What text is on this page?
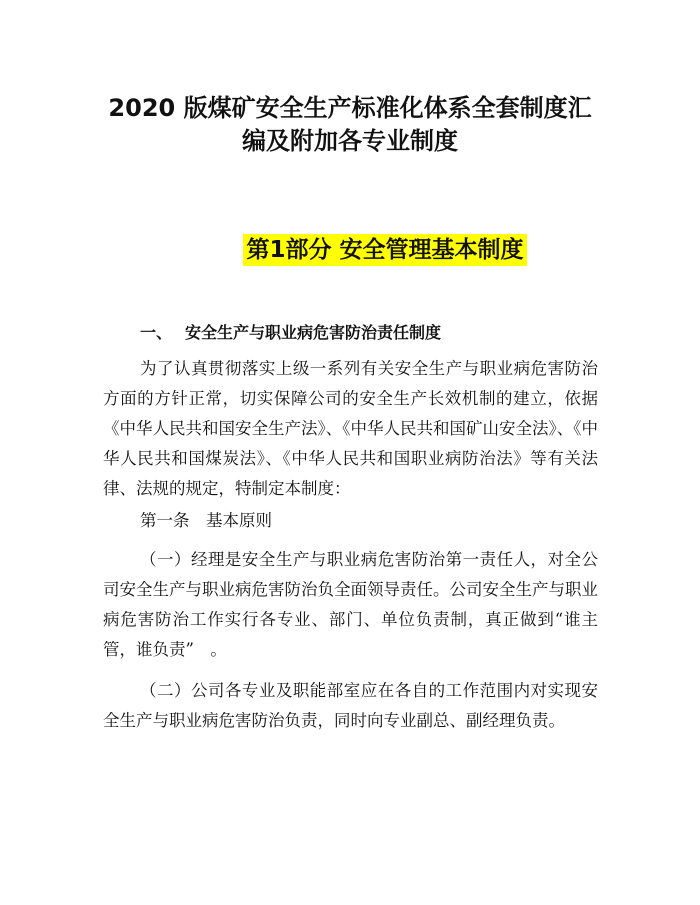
2020 版煤矿安全生产标准化体系全套制度汇
编及附加各专业制度
第1部分 安全管理基本制度
一、 安全生产与职业病危害防治责任制度
为了认真贯彻落实上级一系列有关安全生产与职业病危害防治方面的方针正常，切实保障公司的安全生产长效机制的建立，依据《中华人民共和国安全生产法》、《中华人民共和国矿山安全法》、《中华人民共和国煤炭法》、《中华人民共和国职业病防治法》等有关法律、法规的规定，特制定本制度：
第一条　基本原则
（一）经理是安全生产与职业病危害防治第一责任人，对全公司安全生产与职业病危害防治负全面领导责任。公司安全生产与职业病危害防治工作实行各专业、部门、单位负责制，真正做到“谁主管，谁负责”　。
（二）公司各专业及职能部室应在各自的工作范围内对实现安全生产与职业病危害防治负责，同时向专业副总、副经理负责。
